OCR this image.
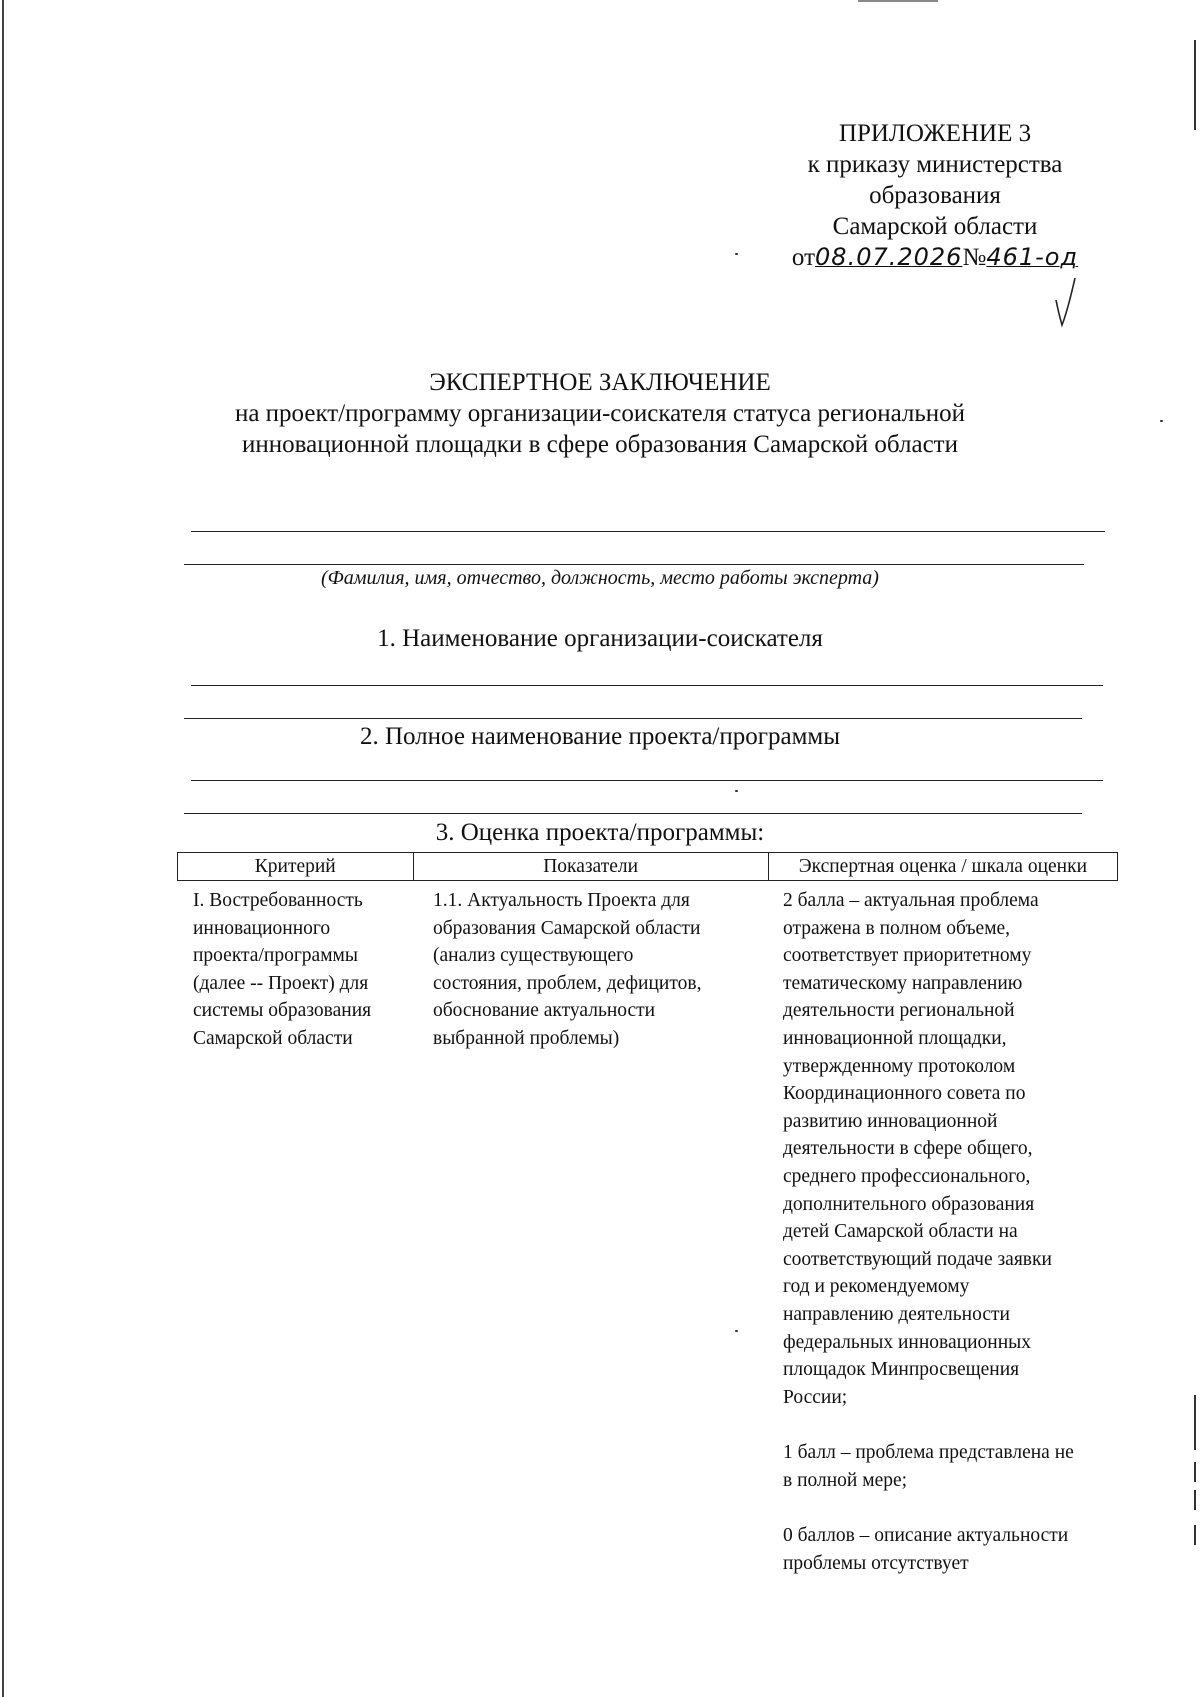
ПРИЛОЖЕНИЕ 3
к приказу министерства
образования
Самарской области
от08.07.2026№461-од
ЭКСПЕРТНОЕ ЗАКЛЮЧЕНИЕ
на проект/программу организации-соискателя статуса региональной
инновационной площадки в сфере образования Самарской области
(Фамилия, имя, отчество, должность, место работы эксперта)
1. Наименование организации-соискателя
2. Полное наименование проекта/программы
3. Оценка проекта/программы:
Критерий	Показатели	Экспертная оценка / шкала оценки
I. Востребованность
инновационного
проекта/программы
(далее -- Проект) для
системы образования
Самарской области
1.1. Актуальность Проекта для
образования Самарской области
(анализ существующего
состояния, проблем, дефицитов,
обоснование актуальности
выбранной проблемы)
2 балла – актуальная проблема
отражена в полном объеме,
соответствует приоритетному
тематическому направлению
деятельности региональной
инновационной площадки,
утвержденному протоколом
Координационного совета по
развитию инновационной
деятельности в сфере общего,
среднего профессионального,
дополнительного образования
детей Самарской области на
соответствующий подаче заявки
год и рекомендуемому
направлению деятельности
федеральных инновационных
площадок Минпросвещения
России;
1 балл – проблема представлена не
в полной мере;
0 баллов – описание актуальности
проблемы отсутствует
